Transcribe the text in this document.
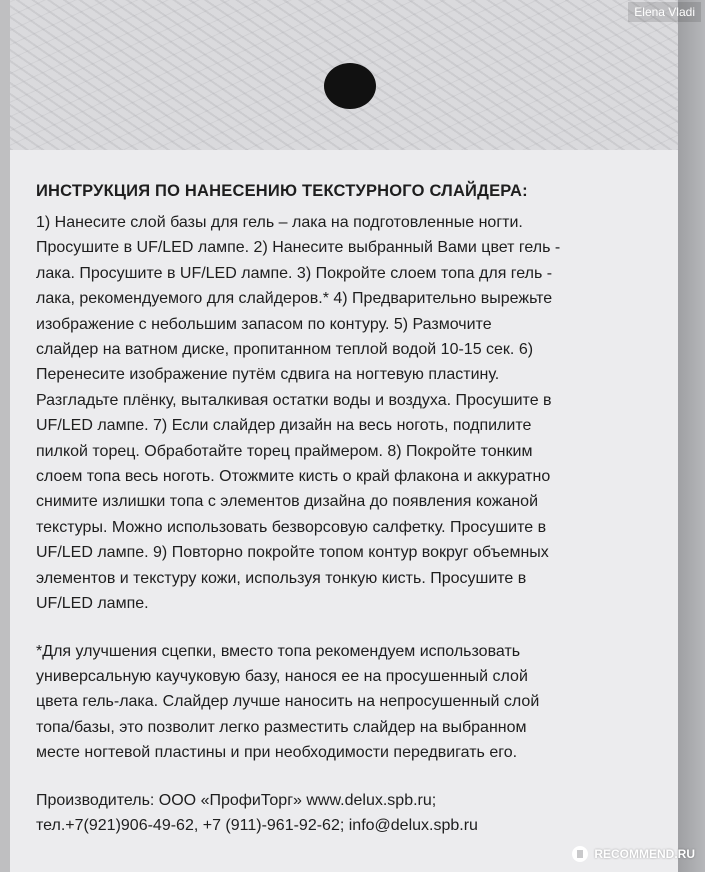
ИНСТРУКЦИЯ ПО НАНЕСЕНИЮ ТЕКСТУРНОГО СЛАЙДЕРА:

1) Нанесите слой базы для гель – лака на подготовленные ногти.
Просушите в UF/LED лампе. 2) Нанесите выбранный Вами цвет гель -
лака. Просушите в UF/LED лампе. 3) Покройте слоем топа для гель -
лака, рекомендуемого для слайдеров.* 4) Предварительно вырежьте
изображение с небольшим запасом по контуру. 5) Размочите
слайдер на ватном диске, пропитанном теплой водой 10-15 сек. 6)
Перенесите изображение путём сдвига на ногтевую пластину.
Разгладьте плёнку, выталкивая остатки воды и воздуха. Просушите в
UF/LED лампе. 7) Если слайдер дизайн на весь ноготь, подпилите
пилкой торец. Обработайте торец праймером. 8) Покройте тонким
слоем топа весь ноготь. Отожмите кисть о край флакона и аккуратно
снимите излишки топа с элементов дизайна до появления кожаной
текстуры. Можно использовать безворсовую салфетку. Просушите в
UF/LED лампе. 9) Повторно покройте топом контур вокруг объемных
элементов и текстуру кожи, используя тонкую кисть. Просушите в
UF/LED лампе.

*Для улучшения сцепки, вместо топа рекомендуем использовать
универсальную каучуковую базу, нанося ее на просушенный слой
цвета гель-лака. Слайдер лучше наносить на непросушенный слой
топа/базы, это позволит легко разместить слайдер на выбранном
месте ногтевой пластины и при необходимости передвигать его.

Производитель: ООО «ПрофиТорг» www.delux.spb.ru;
тел.+7(921)906-49-62, +7 (911)-961-92-62; info@delux.spb.ru

Elena Vladi
RECOMMEND.RU
